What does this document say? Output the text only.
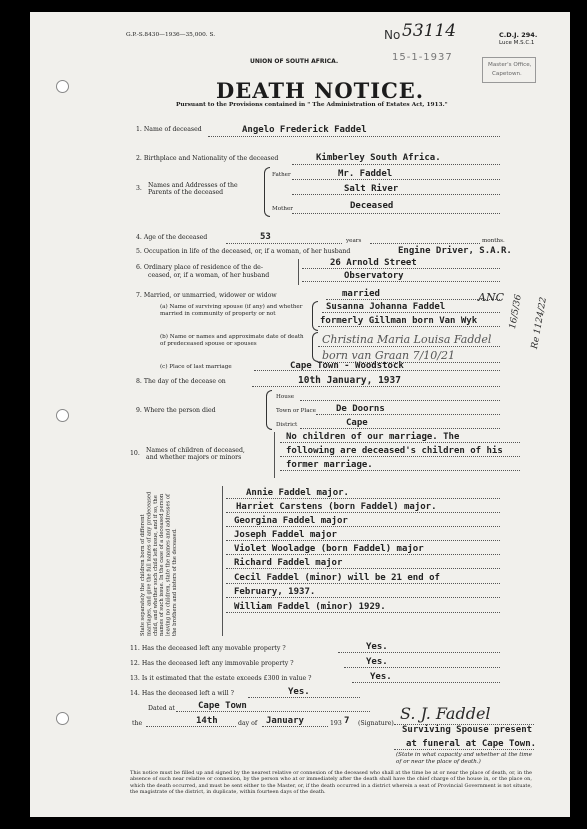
G.P.-S.8430—1936—35,000. S.
UNION OF SOUTH AFRICA.
No 53114
15-1-1937
C.D.J. 294.
Luce M.S.C.1
Master's Office,
Capetown.
DEATH NOTICE.
Pursuant to the Provisions contained in " The Administration of Estates Act, 1913."
1. Name of deceased	Angelo Frederick Faddel
2. Birthplace and Nationality of the deceased	Kimberley South Africa.
3. Names and Addresses of the Parents of the deceased
Father	Mr. Faddel
Salt River
Mother	Deceased
4. Age of the deceased	53	years	months.
5. Occupation in life of the deceased, or, if a woman, of her husband	Engine Driver, S.A.R.
6. Ordinary place of residence of the de-
ceased, or, if a woman, of her husband
26 Arnold Street
Observatory
7. Married, or unmarried, widower or widow	married
(a) Name of surviving spouse (if any) and whether married in community of property or not
Susanna Johanna Faddel
formerly Gillman born Van Wyk
ANC 16/5/36 Re 1124/22
(b) Name or names and approximate date of death of predeceased spouse or spouses	Christina Maria Louisa Faddel
born van Graan 7/10/21
(c) Place of last marriage	Cape Town - Woodstock
8. The day of the decease on	10th January, 1937
9. Where the person died
House
Town or Place De Doorns
District	Cape
10. Names of children of deceased, and whether majors or minors
No children of our marriage. The
following are deceased's children of his
former marriage.
State separately the children born of different marriages, and give the full names of any predeceased child, and whether such child left issue, and if so, the names of such issue. In the case of a deceased person leaving no children, state the names and addresses of the brothers and sisters of the deceased.
Annie Faddel major.
Harriet Carstens (born Faddel) major.
Georgina Faddel major
Joseph Faddel major
Violet Wooladge (born Faddel) major
Richard Faddel major
Cecil Faddel (minor) will be 21 end of
February, 1937.
William Faddel (minor) 1929.
11. Has the deceased left any movable property ?	Yes.
12. Has the deceased left any immovable property ?	Yes.
13. Is it estimated that the estate exceeds £300 in value ?	Yes.
14. Has the deceased left a will ?	Yes.
Dated at	Cape Town
the	14th	day of January	193 7 (Signature)
S. J. Faddel
Surviving Spouse present
at funeral at Cape Town.
(State in what capacity and whether at the time of or near the place of death.)
This notice must be filled up and signed by the nearest relative or connexion of the deceased who shall at the time be at or near the place of death, or, in the absence of such near relative or connexion, by the person who at or immediately after the death shall have the chief charge of the house in, or the place on, which the death occurred, and must be sent either to the Master, or, if the death occurred in a district wherein a seat of Provincial Government is not situate, the magistrate of the district, in duplicate, within fourteen days of the death.
